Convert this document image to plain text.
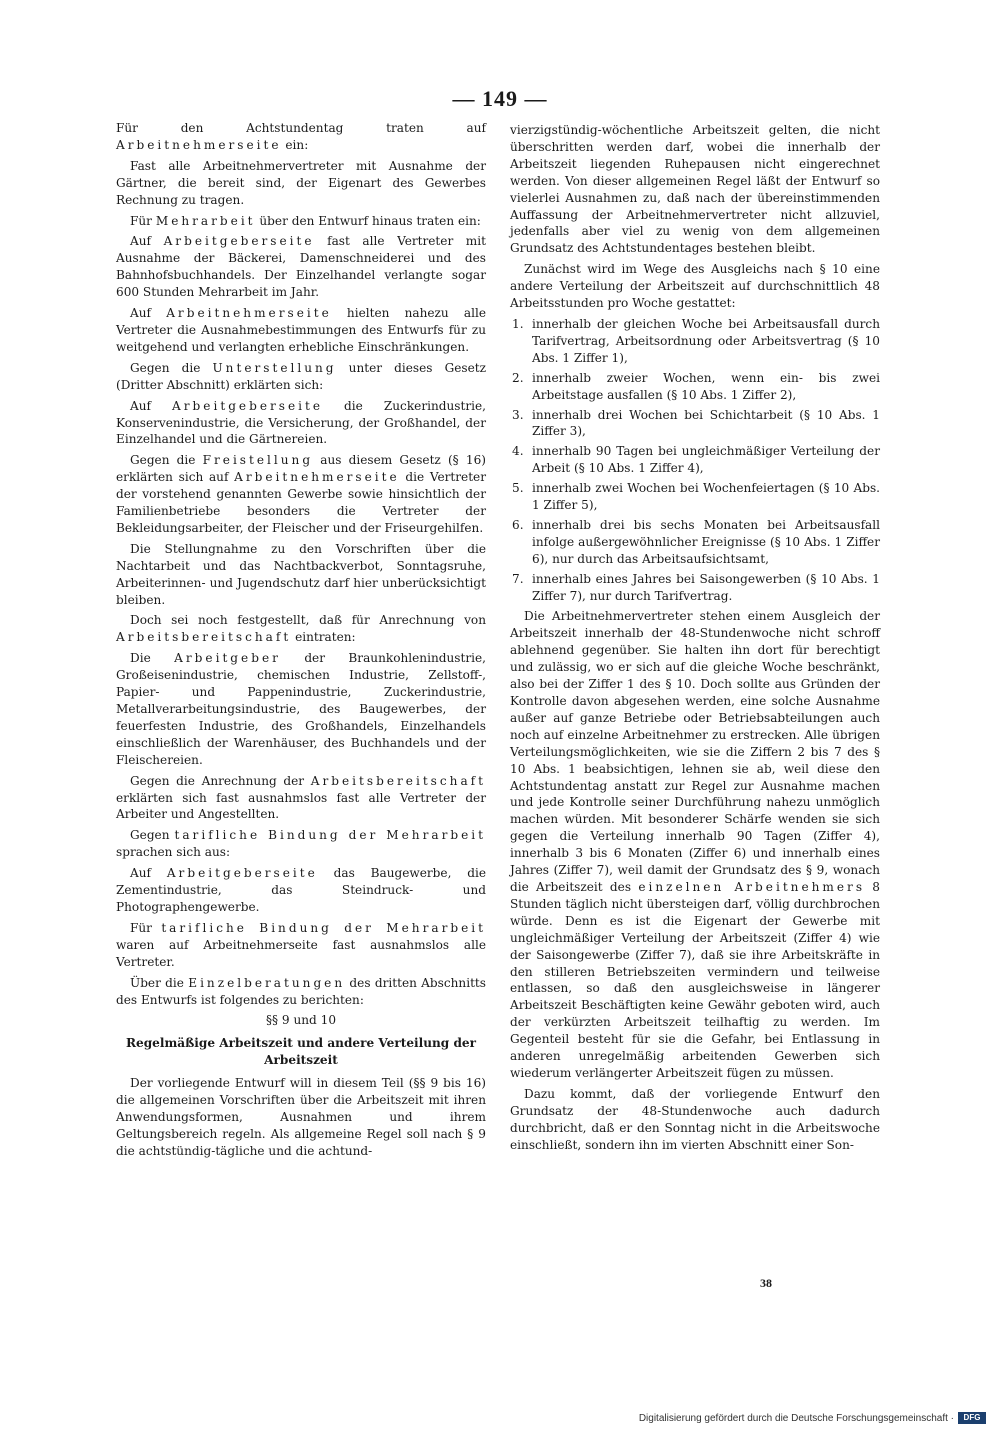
— 149 —

Für den Achtstundentag traten auf Arbeitnehmerseite ein:

Fast alle Arbeitnehmervertreter mit Ausnahme der Gärtner, die bereit sind, der Eigenart des Gewerbes Rechnung zu tragen.

Für Mehrarbeit über den Entwurf hinaus traten ein:

Auf Arbeitgeberseite fast alle Vertreter mit Ausnahme der Bäckerei, Damenschneiderei und des Bahnhofsbuchhandels. Der Einzelhandel verlangte sogar 600 Stunden Mehrarbeit im Jahr.

Auf Arbeitnehmerseite hielten nahezu alle Vertreter die Ausnahmebestimmungen des Entwurfs für zu weitgehend und verlangten erhebliche Einschränkungen.

Gegen die Unterstellung unter dieses Gesetz (Dritter Abschnitt) erklärten sich:

Auf Arbeitgeberseite die Zuckerindustrie, Konservenindustrie, die Versicherung, der Großhandel, der Einzelhandel und die Gärtnereien.

Gegen die Freistellung aus diesem Gesetz (§ 16) erklärten sich auf Arbeitnehmerseite die Vertreter der vorstehend genannten Gewerbe sowie hinsichtlich der Familienbetriebe besonders die Vertreter der Bekleidungsarbeiter, der Fleischer und der Friseurgehilfen.

Die Stellungnahme zu den Vorschriften über die Nachtarbeit und das Nachtbackverbot, Sonntagsruhe, Arbeiterinnen- und Jugendschutz darf hier unberücksichtigt bleiben.

Doch sei noch festgestellt, daß für Anrechnung von Arbeitsbereitschaft eintraten:

Die Arbeitgeber der Braunkohlenindustrie, Großeisenindustrie, chemischen Industrie, Zellstoff-, Papier- und Pappenindustrie, Zuckerindustrie, Metallverarbeitungsindustrie, des Baugewerbes, der feuerfesten Industrie, des Großhandels, Einzelhandels einschließlich der Warenhäuser, des Buchhandels und der Fleischereien.

Gegen die Anrechnung der Arbeitsbereitschaft erklärten sich fast ausnahmslos fast alle Vertreter der Arbeiter und Angestellten.

Gegen tarifliche Bindung der Mehrarbeit sprachen sich aus:

Auf Arbeitgeberseite das Baugewerbe, die Zementindustrie, das Steindruck- und Photographengewerbe.

Für tarifliche Bindung der Mehrarbeit waren auf Arbeitnehmerseite fast ausnahmslos alle Vertreter.

Über die Einzelberatungen des dritten Abschnitts des Entwurfs ist folgendes zu berichten:

§§ 9 und 10

Regelmäßige Arbeitszeit und andere Verteilung der Arbeitszeit

Der vorliegende Entwurf will in diesem Teil (§§ 9 bis 16) die allgemeinen Vorschriften über die Arbeitszeit mit ihren Anwendungsformen, Ausnahmen und ihrem Geltungsbereich regeln. Als allgemeine Regel soll nach § 9 die achtstündig-tägliche und die achtund-

vierzigstündig-wöchentliche Arbeitszeit gelten, die nicht überschritten werden darf, wobei die innerhalb der Arbeitszeit liegenden Ruhepausen nicht eingerechnet werden. Von dieser allgemeinen Regel läßt der Entwurf so vielerlei Ausnahmen zu, daß nach der übereinstimmenden Auffassung der Arbeitnehmervertreter nicht allzuviel, jedenfalls aber viel zu wenig von dem allgemeinen Grundsatz des Achtstundentages bestehen bleibt.

Zunächst wird im Wege des Ausgleichs nach § 10 eine andere Verteilung der Arbeitszeit auf durchschnittlich 48 Arbeitsstunden pro Woche gestattet:

1. innerhalb der gleichen Woche bei Arbeitsausfall durch Tarifvertrag, Arbeitsordnung oder Arbeitsvertrag (§ 10 Abs. 1 Ziffer 1),
2. innerhalb zweier Wochen, wenn ein- bis zwei Arbeitstage ausfallen (§ 10 Abs. 1 Ziffer 2),
3. innerhalb drei Wochen bei Schichtarbeit (§ 10 Abs. 1 Ziffer 3),
4. innerhalb 90 Tagen bei ungleichmäßiger Verteilung der Arbeit (§ 10 Abs. 1 Ziffer 4),
5. innerhalb zwei Wochen bei Wochenfeiertagen (§ 10 Abs. 1 Ziffer 5),
6. innerhalb drei bis sechs Monaten bei Arbeitsausfall infolge außergewöhnlicher Ereignisse (§ 10 Abs. 1 Ziffer 6), nur durch das Arbeitsaufsichtsamt,
7. innerhalb eines Jahres bei Saisongewerben (§ 10 Abs. 1 Ziffer 7), nur durch Tarifvertrag.

Die Arbeitnehmervertreter stehen einem Ausgleich der Arbeitszeit innerhalb der 48-Stundenwoche nicht schroff ablehnend gegenüber. Sie halten ihn dort für berechtigt und zulässig, wo er sich auf die gleiche Woche beschränkt, also bei der Ziffer 1 des § 10. Doch sollte aus Gründen der Kontrolle davon abgesehen werden, eine solche Ausnahme außer auf ganze Betriebe oder Betriebsabteilungen auch noch auf einzelne Arbeitnehmer zu erstrecken. Alle übrigen Verteilungsmöglichkeiten, wie sie die Ziffern 2 bis 7 des § 10 Abs. 1 beabsichtigen, lehnen sie ab, weil diese den Achtstundentag anstatt zur Regel zur Ausnahme machen und jede Kontrolle seiner Durchführung nahezu unmöglich machen würden. Mit besonderer Schärfe wenden sie sich gegen die Verteilung innerhalb 90 Tagen (Ziffer 4), innerhalb 3 bis 6 Monaten (Ziffer 6) und innerhalb eines Jahres (Ziffer 7), weil damit der Grundsatz des § 9, wonach die Arbeitszeit des einzelnen Arbeitnehmers 8 Stunden täglich nicht übersteigen darf, völlig durchbrochen würde. Denn es ist die Eigenart der Gewerbe mit ungleichmäßiger Verteilung der Arbeitszeit (Ziffer 4) wie der Saisongewerbe (Ziffer 7), daß sie ihre Arbeitskräfte in den stilleren Betriebszeiten vermindern und teilweise entlassen, so daß den ausgleichsweise in längerer Arbeitszeit Beschäftigten keine Gewähr geboten wird, auch der verkürzten Arbeitszeit teilhaftig zu werden. Im Gegenteil besteht für sie die Gefahr, bei Entlassung in anderen unregelmäßig arbeitenden Gewerben sich wiederum verlängerter Arbeitszeit fügen zu müssen.

Dazu kommt, daß der vorliegende Entwurf den Grundsatz der 48-Stundenwoche auch dadurch durchbricht, daß er den Sonntag nicht in die Arbeitswoche einschließt, sondern ihn im vierten Abschnitt einer Son-

38
Digitalisierung gefördert durch die Deutsche Forschungsgemeinschaft ·	DFG
